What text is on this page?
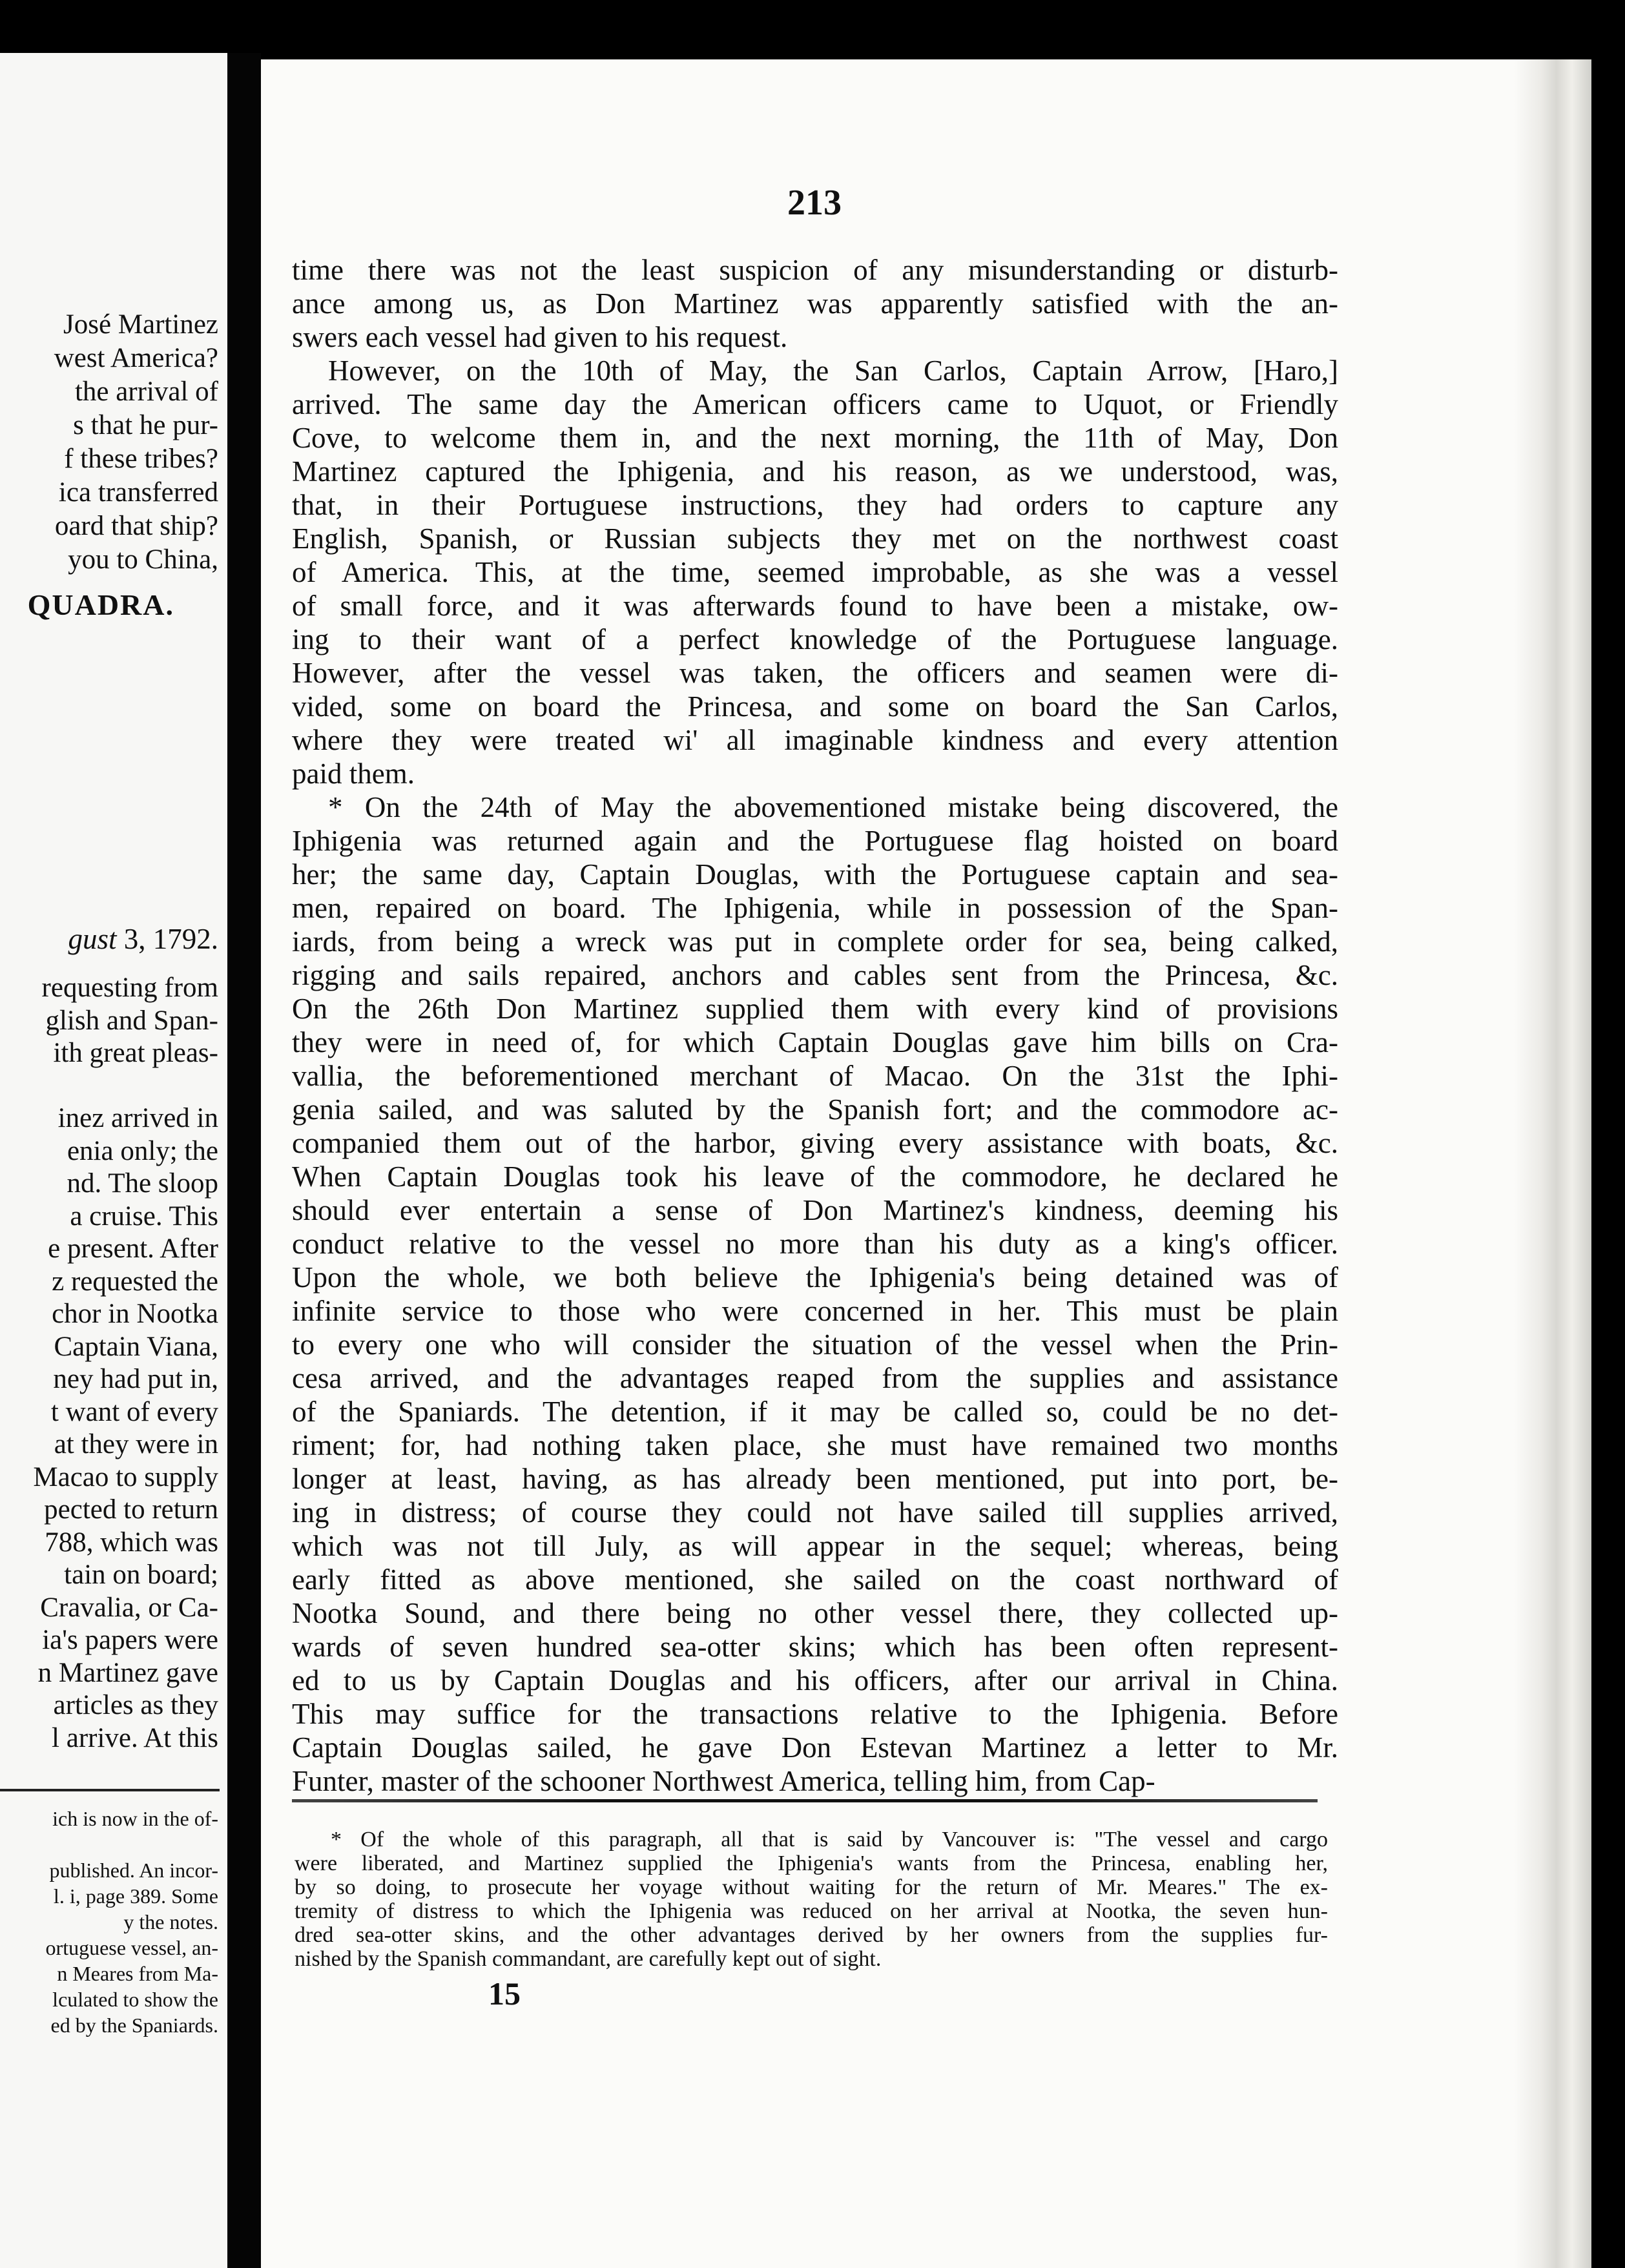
José Martinez
west America?
the arrival of
s that he pur-
f these tribes?
ica transferred
oard that ship?
you to China,
QUADRA.
gust 3, 1792.
requesting from
glish and Span-
ith great pleas-
inez arrived in
enia only; the
nd. The sloop
a cruise. This
e present. After
z requested the
chor in Nootka
Captain Viana,
ney had put in,
t want of every
at they were in
Macao to supply
pected to return
788, which was
tain on board;
Cravalia, or Ca-
ia's papers were
n Martinez gave
articles as they
l arrive. At this
ich is now in the of-
published. An incor-
l. i, page 389. Some
y the notes.
ortuguese vessel, an-
n Meares from Ma-
lculated to show the
ed by the Spaniards.
213
time there was not the least suspicion of any misunderstanding or disturb-
ance among us, as Don Martinez was apparently satisfied with the an-
swers each vessel had given to his request.
However, on the 10th of May, the San Carlos, Captain Arrow, [Haro,]
arrived. The same day the American officers came to Uquot, or Friendly
Cove, to welcome them in, and the next morning, the 11th of May, Don
Martinez captured the Iphigenia, and his reason, as we understood, was,
that, in their Portuguese instructions, they had orders to capture any
English, Spanish, or Russian subjects they met on the northwest coast
of America. This, at the time, seemed improbable, as she was a vessel
of small force, and it was afterwards found to have been a mistake, ow-
ing to their want of a perfect knowledge of the Portuguese language.
However, after the vessel was taken, the officers and seamen were di-
vided, some on board the Princesa, and some on board the San Carlos,
where they were treated wi' all imaginable kindness and every attention
paid them.
* On the 24th of May the abovementioned mistake being discovered, the
Iphigenia was returned again and the Portuguese flag hoisted on board
her; the same day, Captain Douglas, with the Portuguese captain and sea-
men, repaired on board. The Iphigenia, while in possession of the Span-
iards, from being a wreck was put in complete order for sea, being calked,
rigging and sails repaired, anchors and cables sent from the Princesa, &c.
On the 26th Don Martinez supplied them with every kind of provisions
they were in need of, for which Captain Douglas gave him bills on Cra-
vallia, the beforementioned merchant of Macao. On the 31st the Iphi-
genia sailed, and was saluted by the Spanish fort; and the commodore ac-
companied them out of the harbor, giving every assistance with boats, &c.
When Captain Douglas took his leave of the commodore, he declared he
should ever entertain a sense of Don Martinez's kindness, deeming his
conduct relative to the vessel no more than his duty as a king's officer.
Upon the whole, we both believe the Iphigenia's being detained was of
infinite service to those who were concerned in her. This must be plain
to every one who will consider the situation of the vessel when the Prin-
cesa arrived, and the advantages reaped from the supplies and assistance
of the Spaniards. The detention, if it may be called so, could be no det-
riment; for, had nothing taken place, she must have remained two months
longer at least, having, as has already been mentioned, put into port, be-
ing in distress; of course they could not have sailed till supplies arrived,
which was not till July, as will appear in the sequel; whereas, being
early fitted as above mentioned, she sailed on the coast northward of
Nootka Sound, and there being no other vessel there, they collected up-
wards of seven hundred sea-otter skins; which has been often represent-
ed to us by Captain Douglas and his officers, after our arrival in China.
This may suffice for the transactions relative to the Iphigenia. Before
Captain Douglas sailed, he gave Don Estevan Martinez a letter to Mr.
Funter, master of the schooner Northwest America, telling him, from Cap-
* Of the whole of this paragraph, all that is said by Vancouver is: "The vessel and cargo
were liberated, and Martinez supplied the Iphigenia's wants from the Princesa, enabling her,
by so doing, to prosecute her voyage without waiting for the return of Mr. Meares." The ex-
tremity of distress to which the Iphigenia was reduced on her arrival at Nootka, the seven hun-
dred sea-otter skins, and the other advantages derived by her owners from the supplies fur-
nished by the Spanish commandant, are carefully kept out of sight.
15
